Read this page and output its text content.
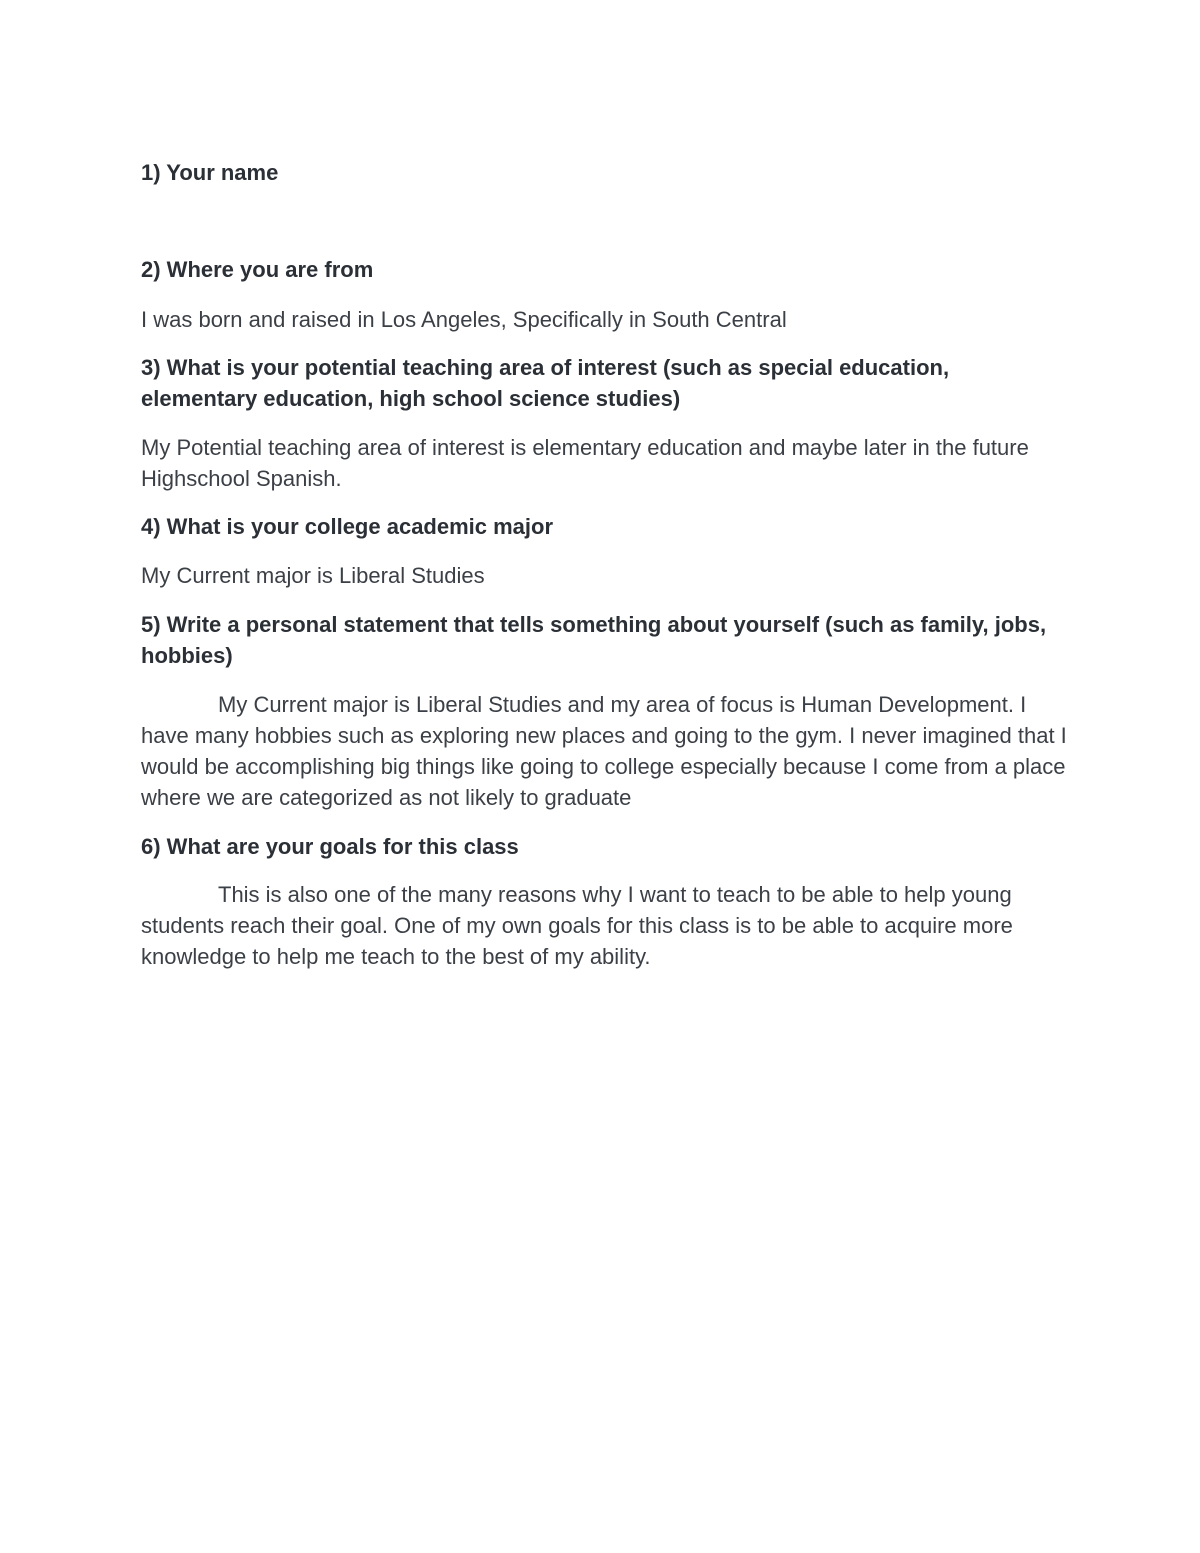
1) Your name

2) Where you are from

I was born and raised in Los Angeles, Specifically in South Central

3) What is your potential teaching area of interest (such as special education, elementary education, high school science studies)

My Potential teaching area of interest is elementary education and maybe later in the future Highschool Spanish.

4) What is your college academic major

My Current major is Liberal Studies

5) Write a personal statement that tells something about yourself (such as family, jobs, hobbies)

My Current major is Liberal Studies and my area of focus is Human Development. I have many hobbies such as exploring new places and going to the gym. I never imagined that I would be accomplishing big things like going to college especially because I come from a place where we are categorized as not likely to graduate

6) What are your goals for this class

This is also one of the many reasons why I want to teach to be able to help young students reach their goal. One of my own goals for this class is to be able to acquire more knowledge to help me teach to the best of my ability.
